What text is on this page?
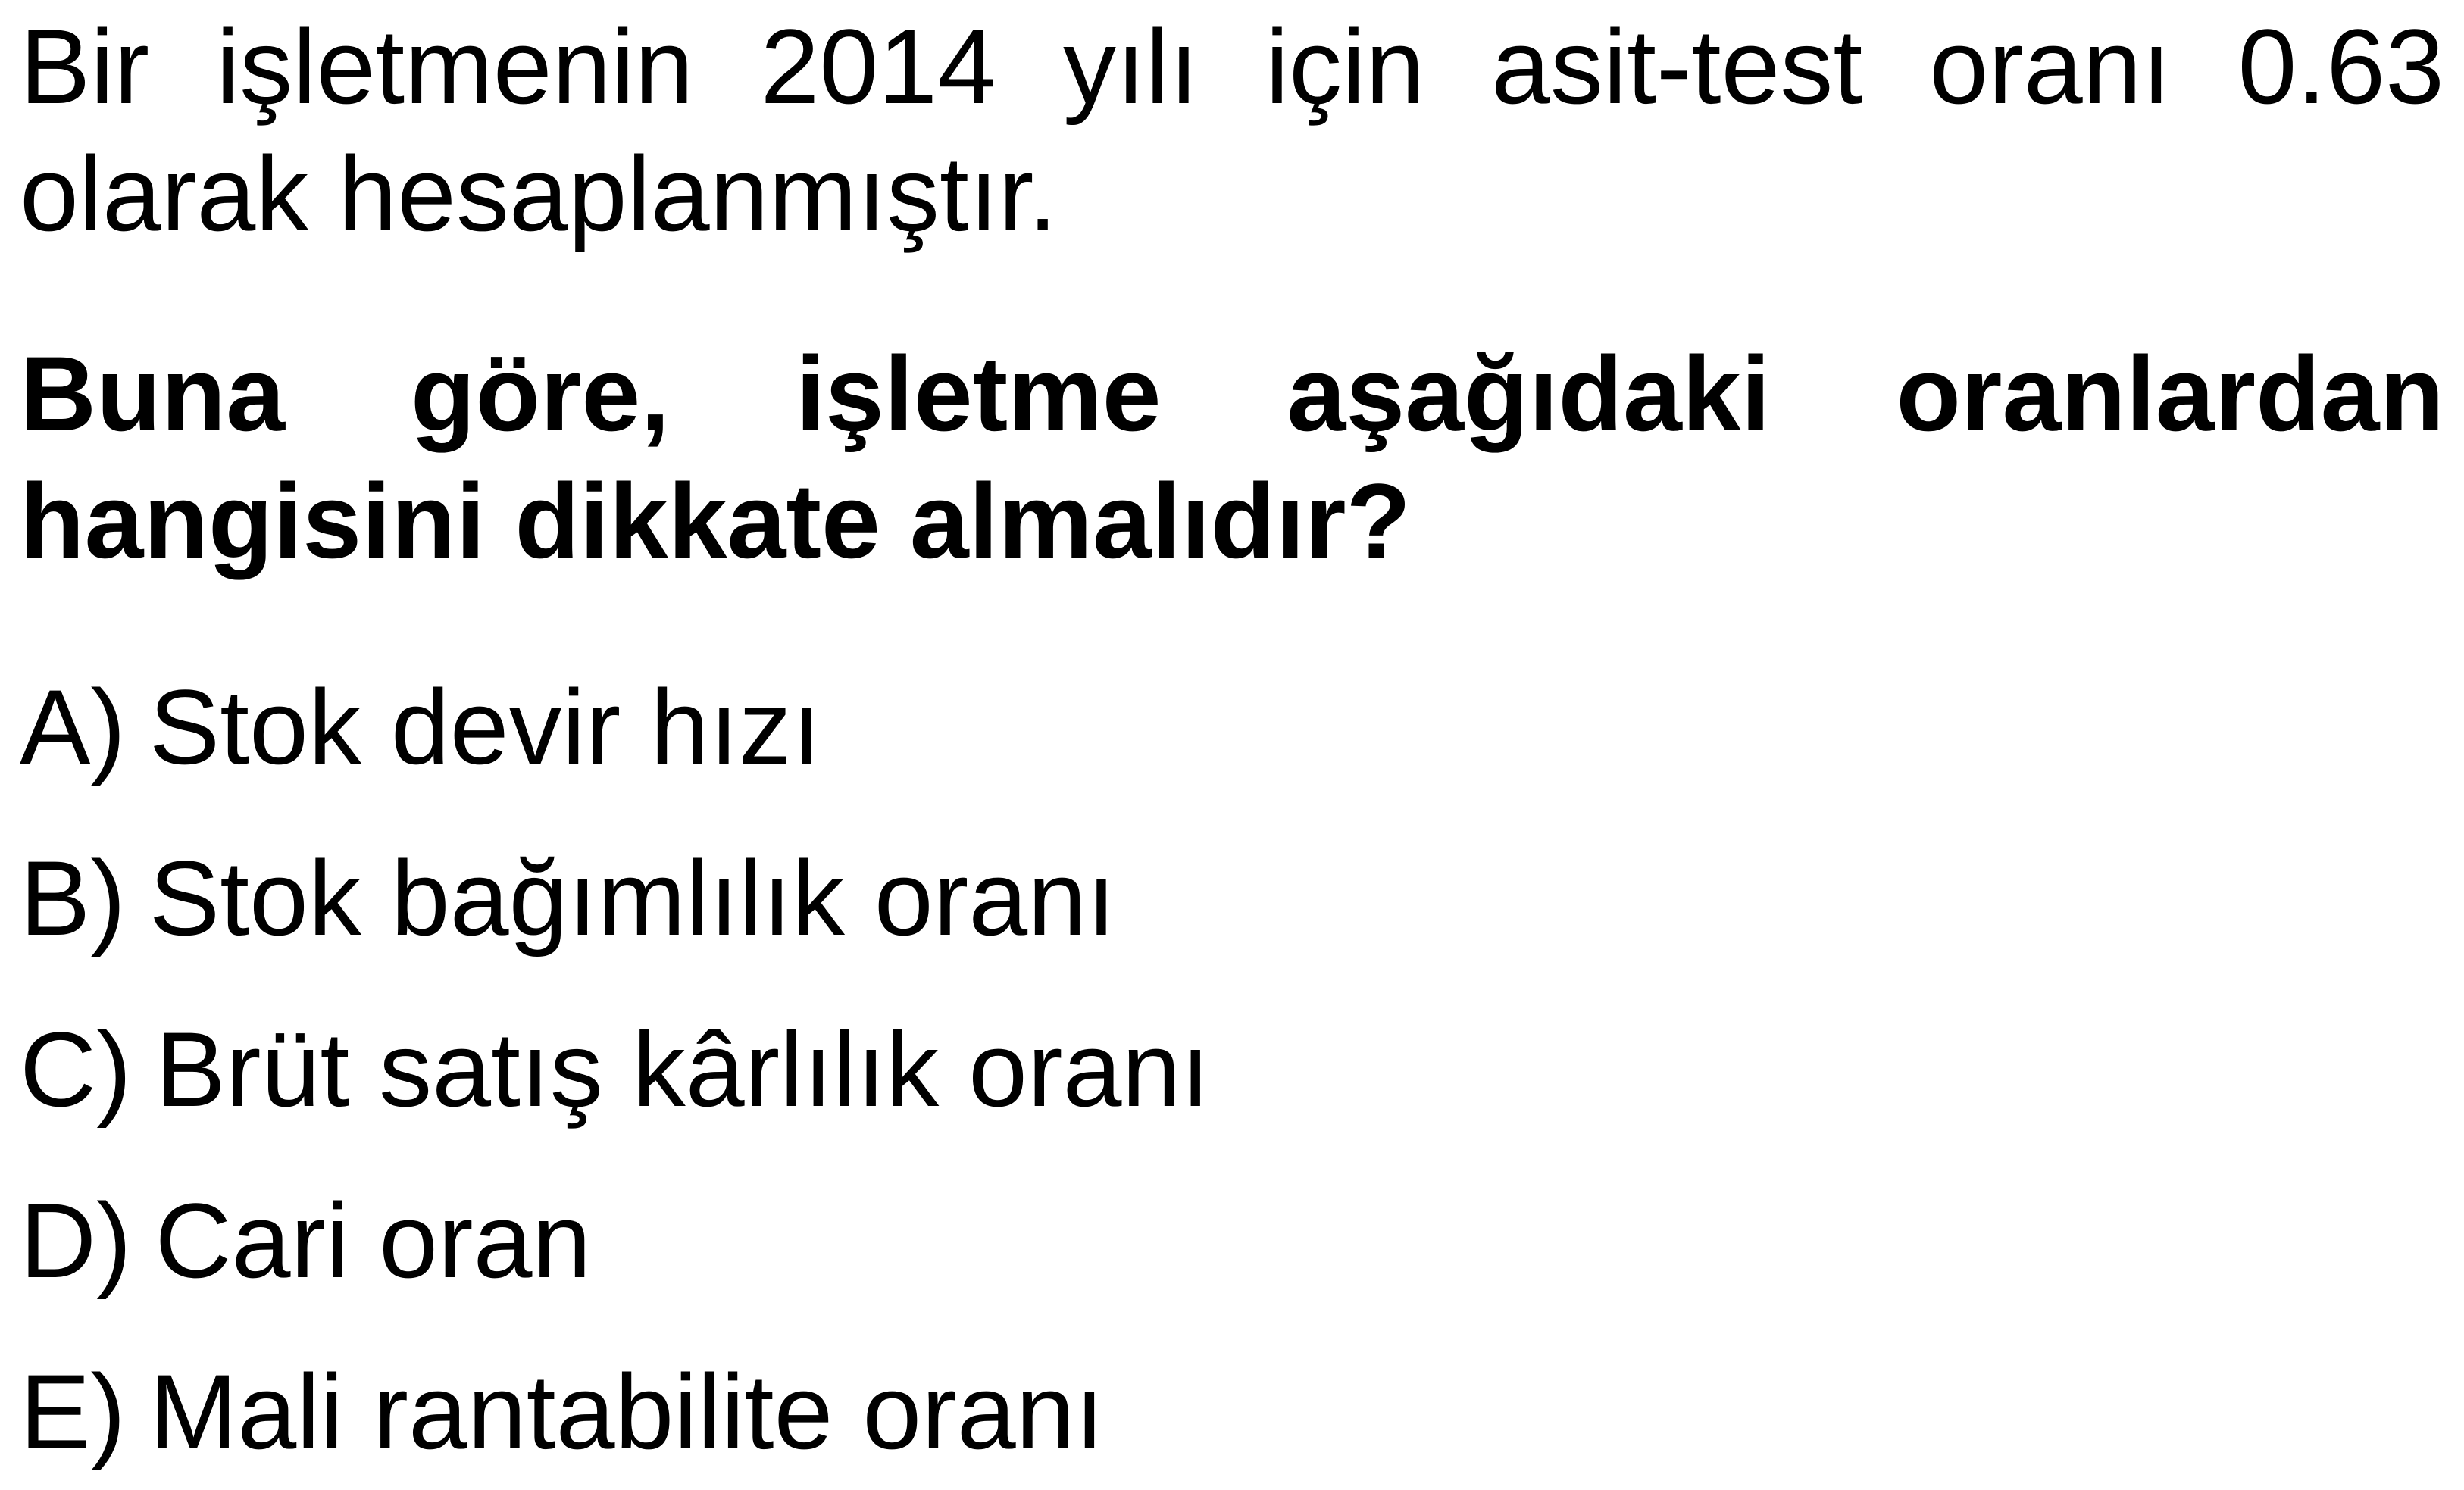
Bir işletmenin 2014 yılı için asit-test oranı 0.63
olarak hesaplanmıştır.
Buna göre, işletme aşağıdaki oranlardan
hangisini dikkate almalıdır?
A) Stok devir hızı
B) Stok bağımlılık oranı
C) Brüt satış kârlılık oranı
D) Cari oran
E) Mali rantabilite oranı
